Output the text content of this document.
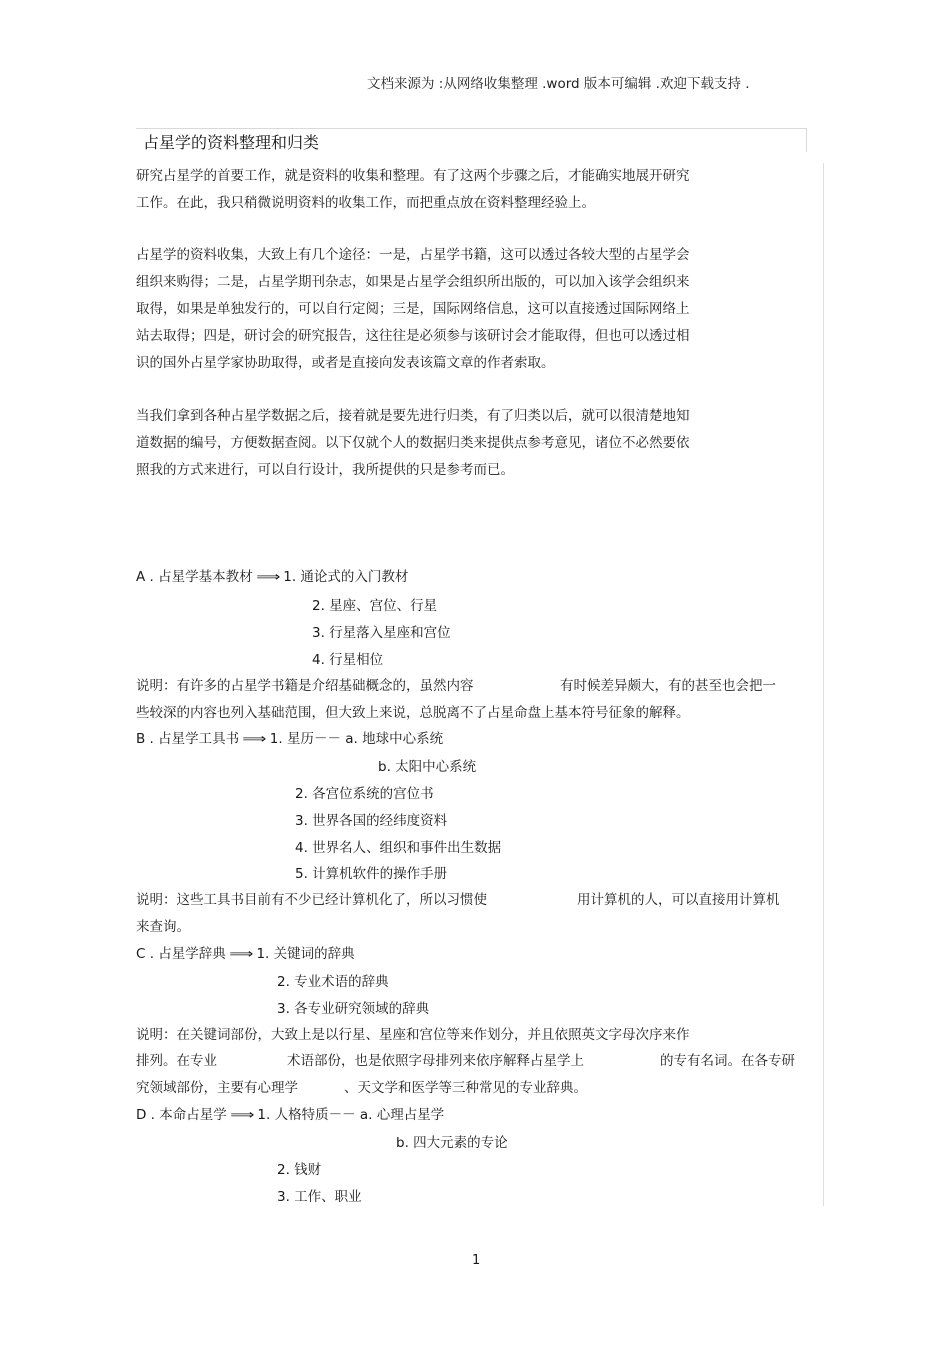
文档来源为 :从网络收集整理 .word 版本可编辑 .欢迎下载支持 .
占星学的资料整理和归类
研究占星学的首要工作，就是资料的收集和整理。有了这两个步骤之后，才能确实地展开研究
工作。在此，我只稍微说明资料的收集工作，而把重点放在资料整理经验上。
占星学的资料收集，大致上有几个途径：一是，占星学书籍，这可以透过各较大型的占星学会
组织来购得；二是，占星学期刊杂志，如果是占星学会组织所出版的，可以加入该学会组织来
取得，如果是单独发行的，可以自行定阅；三是，国际网络信息，这可以直接透过国际网络上
站去取得；四是，研讨会的研究报告，这往往是必须参与该研讨会才能取得，但也可以透过相
识的国外占星学家协助取得，或者是直接向发表该篇文章的作者索取。
当我们拿到各种占星学数据之后，接着就是要先进行归类，有了归类以后，就可以很清楚地知
道数据的编号，方便数据查阅。以下仅就个人的数据归类来提供点参考意见，诸位不必然要依
照我的方式来进行，可以自行设计，我所提供的只是参考而已。
A . 占星学基本教材 ⟹ 1. 通论式的入门教材
2. 星座、宫位、行星
3. 行星落入星座和宫位
4. 行星相位
说明：有许多的占星学书籍是介绍基础概念的，虽然内容	有时候差异颇大，有的甚至也会把一
些较深的内容也列入基础范围，但大致上来说，总脱离不了占星命盘上基本符号征象的解释。
B . 占星学工具书 ⟹ 1. 星历－－ a. 地球中心系统
b. 太阳中心系统
2. 各宫位系统的宫位书
3. 世界各国的经纬度资料
4. 世界名人、组织和事件出生数据
5. 计算机软件的操作手册
说明：这些工具书目前有不少已经计算机化了，所以习惯使	用计算机的人，可以直接用计算机
来查询。
C . 占星学辞典 ⟹ 1. 关键词的辞典
2. 专业术语的辞典
3. 各专业研究领域的辞典
说明：在关键词部份，大致上是以行星、星座和宫位等来作划分，并且依照英文字母次序来作
排列。在专业	术语部份，也是依照字母排列来依序解释占星学上	的专有名词。在各专研
究领域部份，主要有心理学	、天文学和医学等三种常见的专业辞典。
D . 本命占星学 ⟹ 1. 人格特质－－ a. 心理占星学
b. 四大元素的专论
2. 钱财
3. 工作、职业
1
